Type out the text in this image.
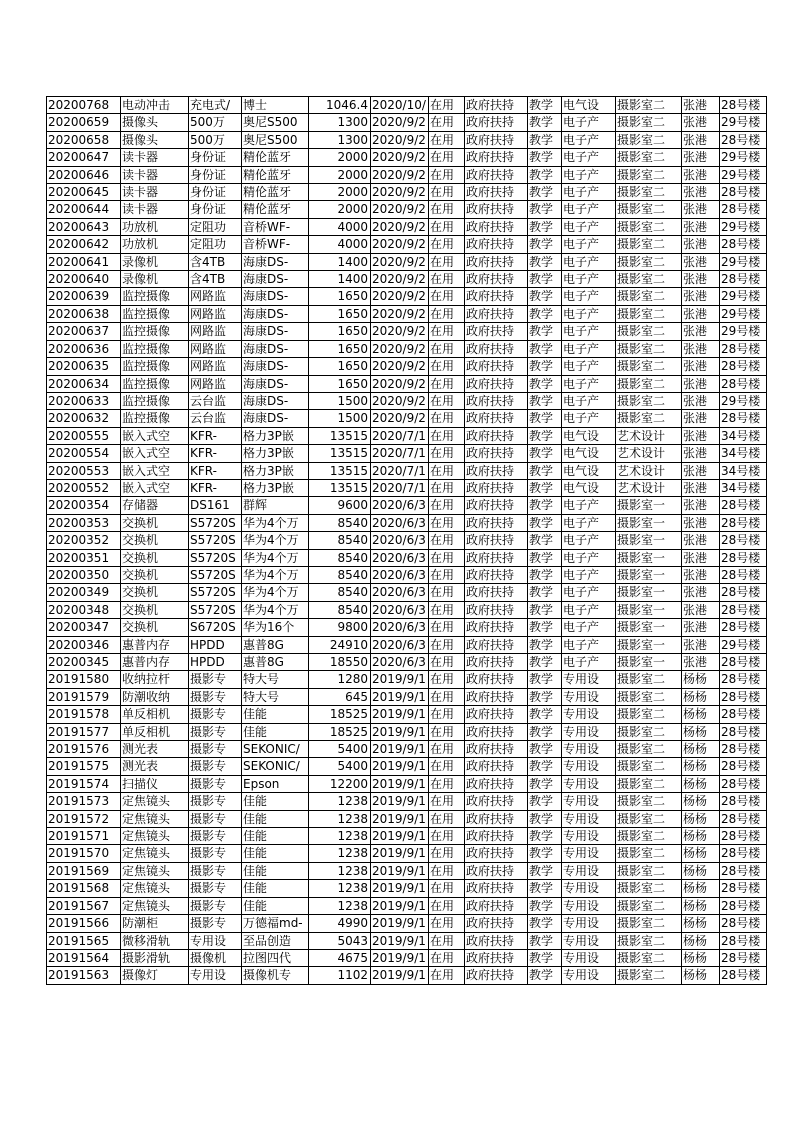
20200768	电动冲击	充电式/	博士	1046.4	2020/10/	在用	政府扶持	教学	电气设	摄影室二	张港	28号楼
20200659	摄像头	500万	奥尼S500	1300	2020/9/2	在用	政府扶持	教学	电子产	摄影室二	张港	29号楼
20200658	摄像头	500万	奥尼S500	1300	2020/9/2	在用	政府扶持	教学	电子产	摄影室二	张港	28号楼
20200647	读卡器	身份证	精伦蓝牙	2000	2020/9/2	在用	政府扶持	教学	电子产	摄影室二	张港	29号楼
20200646	读卡器	身份证	精伦蓝牙	2000	2020/9/2	在用	政府扶持	教学	电子产	摄影室二	张港	29号楼
20200645	读卡器	身份证	精伦蓝牙	2000	2020/9/2	在用	政府扶持	教学	电子产	摄影室二	张港	28号楼
20200644	读卡器	身份证	精伦蓝牙	2000	2020/9/2	在用	政府扶持	教学	电子产	摄影室二	张港	28号楼
20200643	功放机	定阻功	音桥WF-	4000	2020/9/2	在用	政府扶持	教学	电子产	摄影室二	张港	29号楼
20200642	功放机	定阻功	音桥WF-	4000	2020/9/2	在用	政府扶持	教学	电子产	摄影室二	张港	28号楼
20200641	录像机	含4TB	海康DS-	1400	2020/9/2	在用	政府扶持	教学	电子产	摄影室二	张港	29号楼
20200640	录像机	含4TB	海康DS-	1400	2020/9/2	在用	政府扶持	教学	电子产	摄影室二	张港	28号楼
20200639	监控摄像	网路监	海康DS-	1650	2020/9/2	在用	政府扶持	教学	电子产	摄影室二	张港	29号楼
20200638	监控摄像	网路监	海康DS-	1650	2020/9/2	在用	政府扶持	教学	电子产	摄影室二	张港	29号楼
20200637	监控摄像	网路监	海康DS-	1650	2020/9/2	在用	政府扶持	教学	电子产	摄影室二	张港	29号楼
20200636	监控摄像	网路监	海康DS-	1650	2020/9/2	在用	政府扶持	教学	电子产	摄影室二	张港	28号楼
20200635	监控摄像	网路监	海康DS-	1650	2020/9/2	在用	政府扶持	教学	电子产	摄影室二	张港	28号楼
20200634	监控摄像	网路监	海康DS-	1650	2020/9/2	在用	政府扶持	教学	电子产	摄影室二	张港	28号楼
20200633	监控摄像	云台监	海康DS-	1500	2020/9/2	在用	政府扶持	教学	电子产	摄影室二	张港	29号楼
20200632	监控摄像	云台监	海康DS-	1500	2020/9/2	在用	政府扶持	教学	电子产	摄影室二	张港	28号楼
20200555	嵌入式空	KFR-	格力3P嵌	13515	2020/7/1	在用	政府扶持	教学	电气设	艺术设计	张港	34号楼
20200554	嵌入式空	KFR-	格力3P嵌	13515	2020/7/1	在用	政府扶持	教学	电气设	艺术设计	张港	34号楼
20200553	嵌入式空	KFR-	格力3P嵌	13515	2020/7/1	在用	政府扶持	教学	电气设	艺术设计	张港	34号楼
20200552	嵌入式空	KFR-	格力3P嵌	13515	2020/7/1	在用	政府扶持	教学	电气设	艺术设计	张港	34号楼
20200354	存储器	DS161	群辉	9600	2020/6/3	在用	政府扶持	教学	电子产	摄影室一	张港	28号楼
20200353	交换机	S5720S	华为4个万	8540	2020/6/3	在用	政府扶持	教学	电子产	摄影室一	张港	28号楼
20200352	交换机	S5720S	华为4个万	8540	2020/6/3	在用	政府扶持	教学	电子产	摄影室一	张港	28号楼
20200351	交换机	S5720S	华为4个万	8540	2020/6/3	在用	政府扶持	教学	电子产	摄影室一	张港	28号楼
20200350	交换机	S5720S	华为4个万	8540	2020/6/3	在用	政府扶持	教学	电子产	摄影室一	张港	28号楼
20200349	交换机	S5720S	华为4个万	8540	2020/6/3	在用	政府扶持	教学	电子产	摄影室一	张港	28号楼
20200348	交换机	S5720S	华为4个万	8540	2020/6/3	在用	政府扶持	教学	电子产	摄影室一	张港	28号楼
20200347	交换机	S6720S	华为16个	9800	2020/6/3	在用	政府扶持	教学	电子产	摄影室一	张港	28号楼
20200346	惠普内存	HPDD	惠普8G	24910	2020/6/3	在用	政府扶持	教学	电子产	摄影室一	张港	29号楼
20200345	惠普内存	HPDD	惠普8G	18550	2020/6/3	在用	政府扶持	教学	电子产	摄影室一	张港	28号楼
20191580	收纳拉杆	摄影专	特大号	1280	2019/9/1	在用	政府扶持	教学	专用设	摄影室二	杨杨	28号楼
20191579	防潮收纳	摄影专	特大号	645	2019/9/1	在用	政府扶持	教学	专用设	摄影室二	杨杨	28号楼
20191578	单反相机	摄影专	佳能	18525	2019/9/1	在用	政府扶持	教学	专用设	摄影室二	杨杨	28号楼
20191577	单反相机	摄影专	佳能	18525	2019/9/1	在用	政府扶持	教学	专用设	摄影室二	杨杨	28号楼
20191576	测光表	摄影专	SEKONIC/	5400	2019/9/1	在用	政府扶持	教学	专用设	摄影室二	杨杨	28号楼
20191575	测光表	摄影专	SEKONIC/	5400	2019/9/1	在用	政府扶持	教学	专用设	摄影室二	杨杨	28号楼
20191574	扫描仪	摄影专	Epson	12200	2019/9/1	在用	政府扶持	教学	专用设	摄影室二	杨杨	28号楼
20191573	定焦镜头	摄影专	佳能	1238	2019/9/1	在用	政府扶持	教学	专用设	摄影室二	杨杨	28号楼
20191572	定焦镜头	摄影专	佳能	1238	2019/9/1	在用	政府扶持	教学	专用设	摄影室二	杨杨	28号楼
20191571	定焦镜头	摄影专	佳能	1238	2019/9/1	在用	政府扶持	教学	专用设	摄影室二	杨杨	28号楼
20191570	定焦镜头	摄影专	佳能	1238	2019/9/1	在用	政府扶持	教学	专用设	摄影室二	杨杨	28号楼
20191569	定焦镜头	摄影专	佳能	1238	2019/9/1	在用	政府扶持	教学	专用设	摄影室二	杨杨	28号楼
20191568	定焦镜头	摄影专	佳能	1238	2019/9/1	在用	政府扶持	教学	专用设	摄影室二	杨杨	28号楼
20191567	定焦镜头	摄影专	佳能	1238	2019/9/1	在用	政府扶持	教学	专用设	摄影室二	杨杨	28号楼
20191566	防潮柜	摄影专	万德福md-	4990	2019/9/1	在用	政府扶持	教学	专用设	摄影室二	杨杨	28号楼
20191565	微移滑轨	专用设	至品创造	5043	2019/9/1	在用	政府扶持	教学	专用设	摄影室二	杨杨	28号楼
20191564	摄影滑轨	摄像机	拉图四代	4675	2019/9/1	在用	政府扶持	教学	专用设	摄影室二	杨杨	28号楼
20191563	摄像灯	专用设	摄像机专	1102	2019/9/1	在用	政府扶持	教学	专用设	摄影室二	杨杨	28号楼
